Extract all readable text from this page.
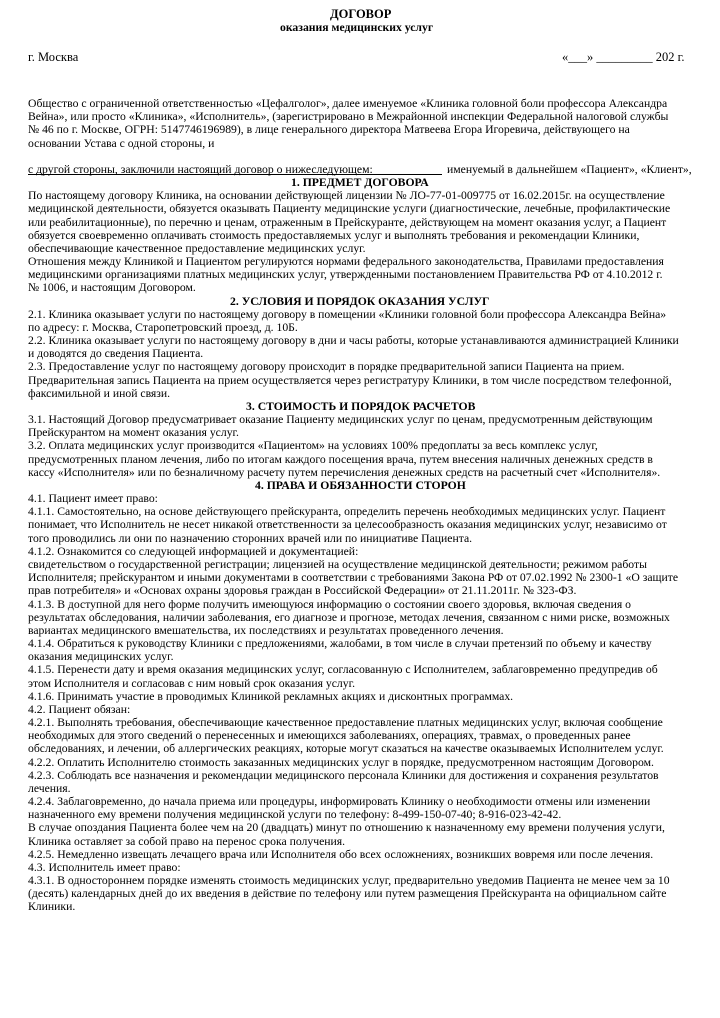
ДОГОВОР
оказания медицинских услуг
г. Москва	«___» _________ 202 г.
именуемый в дальнейшем «Пациент», «Клиент»,
Общество с ограниченной ответственностью «Цефалголог», далее именуемое «Клиника головной боли профессора Александра
Вейна», или просто «Клиника», «Исполнитель», (зарегистрировано в Межрайонной инспекции Федеральной налоговой службы
№ 46 по г. Москве, ОГРН: 5147746196989), в лице генерального директора Матвеева Егора Игоревича, действующего на
основании Устава с одной стороны, и
с другой стороны, заключили настоящий договор о нижеследующем:
1. ПРЕДМЕТ ДОГОВОРА
По настоящему договору Клиника, на основании действующей лицензии № ЛО-77-01-009775 от 16.02.2015г. на осуществление
медицинской деятельности, обязуется оказывать Пациенту медицинские услуги (диагностические, лечебные, профилактические
или реабилитационные), по перечню и ценам, отраженным в Прейскуранте, действующем на момент оказания услуг, а Пациент
обязуется своевременно оплачивать стоимость предоставляемых услуг и выполнять требования и рекомендации Клиники,
обеспечивающие качественное предоставление медицинских услуг.
Отношения между Клиникой и Пациентом регулируются нормами федерального законодательства, Правилами предоставления
медицинскими организациями платных медицинских услуг, утвержденными постановлением Правительства РФ от 4.10.2012 г.
№ 1006, и настоящим Договором.
2. УСЛОВИЯ И ПОРЯДОК ОКАЗАНИЯ УСЛУГ
2.1. Клиника оказывает услуги по настоящему договору в помещении «Клиники головной боли профессора Александра Вейна»
по адресу: г. Москва, Старопетровский проезд, д. 10Б.
2.2. Клиника оказывает услуги по настоящему договору в дни и часы работы, которые устанавливаются администрацией Клиники
и доводятся до сведения Пациента.
2.3. Предоставление услуг по настоящему договору происходит в порядке предварительной записи Пациента на прием.
Предварительная запись Пациента на прием осуществляется через регистратуру Клиники, в том числе посредством телефонной,
факсимильной и иной связи.
3. СТОИМОСТЬ И ПОРЯДОК РАСЧЕТОВ
3.1. Настоящий Договор предусматривает оказание Пациенту медицинских услуг по ценам, предусмотренным действующим
Прейскурантом на момент оказания услуг.
3.2. Оплата медицинских услуг производится «Пациентом» на условиях 100% предоплаты за весь комплекс услуг,
предусмотренных планом лечения, либо по итогам каждого посещения врача, путем внесения наличных денежных средств в
кассу «Исполнителя» или по безналичному расчету путем перечисления денежных средств на расчетный счет «Исполнителя».
4. ПРАВА И ОБЯЗАННОСТИ СТОРОН
4.1. Пациент имеет право:
4.1.1. Самостоятельно, на основе действующего прейскуранта, определить перечень необходимых медицинских услуг. Пациент
понимает, что Исполнитель не несет никакой ответственности за целесообразность оказания медицинских услуг, независимо от
того проводились ли они по назначению сторонних врачей или по инициативе Пациента.
4.1.2. Ознакомится со следующей информацией и документацией:
свидетельством о государственной регистрации; лицензией на осуществление медицинской деятельности; режимом работы
Исполнителя; прейскурантом и иными документами в соответствии с требованиями Закона РФ от 07.02.1992 № 2300-1 «О защите
прав потребителя» и «Основах охраны здоровья граждан в Российской Федерации» от 21.11.2011г. № 323-ФЗ.
4.1.3. В доступной для него форме получить имеющуюся информацию о состоянии своего здоровья, включая сведения о
результатах обследования, наличии заболевания, его диагнозе и прогнозе, методах лечения, связанном с ними риске, возможных
вариантах медицинского вмешательства, их последствиях и результатах проведенного лечения.
4.1.4. Обратиться к руководству Клиники с предложениями, жалобами, в том числе в случаи претензий по объему и качеству
оказания медицинских услуг.
4.1.5. Перенести дату и время оказания медицинских услуг, согласованную с Исполнителем, заблаговременно предупредив об
этом Исполнителя и согласовав с ним новый срок оказания услуг.
4.1.6. Принимать участие в проводимых Клиникой рекламных акциях и дисконтных программах.
4.2. Пациент обязан:
4.2.1. Выполнять требования, обеспечивающие качественное предоставление платных медицинских услуг, включая сообщение
необходимых для этого сведений о перенесенных и имеющихся заболеваниях, операциях, травмах, о проведенных ранее
обследованиях, и лечении, об аллергических реакциях, которые могут сказаться на качестве оказываемых Исполнителем услуг.
4.2.2. Оплатить Исполнителю стоимость заказанных медицинских услуг в порядке, предусмотренном настоящим Договором.
4.2.3. Соблюдать все назначения и рекомендации медицинского персонала Клиники для достижения и сохранения результатов
лечения.
4.2.4. Заблаговременно, до начала приема или процедуры, информировать Клинику о необходимости отмены или изменении
назначенного ему времени получения медицинской услуги по телефону: 8-499-150-07-40; 8-916-023-42-42.
В случае опоздания Пациента более чем на 20 (двадцать) минут по отношению к назначенному ему времени получения услуги,
Клиника оставляет за собой право на перенос срока получения.
4.2.5. Немедленно извещать лечащего врача или Исполнителя обо всех осложнениях, возникших вовремя или после лечения.
4.3. Исполнитель имеет право:
4.3.1. В одностороннем порядке изменять стоимость медицинских услуг, предварительно уведомив Пациента не менее чем за 10
(десять) календарных дней до их введения в действие по телефону или путем размещения Прейскуранта на официальном сайте
Клиники.
